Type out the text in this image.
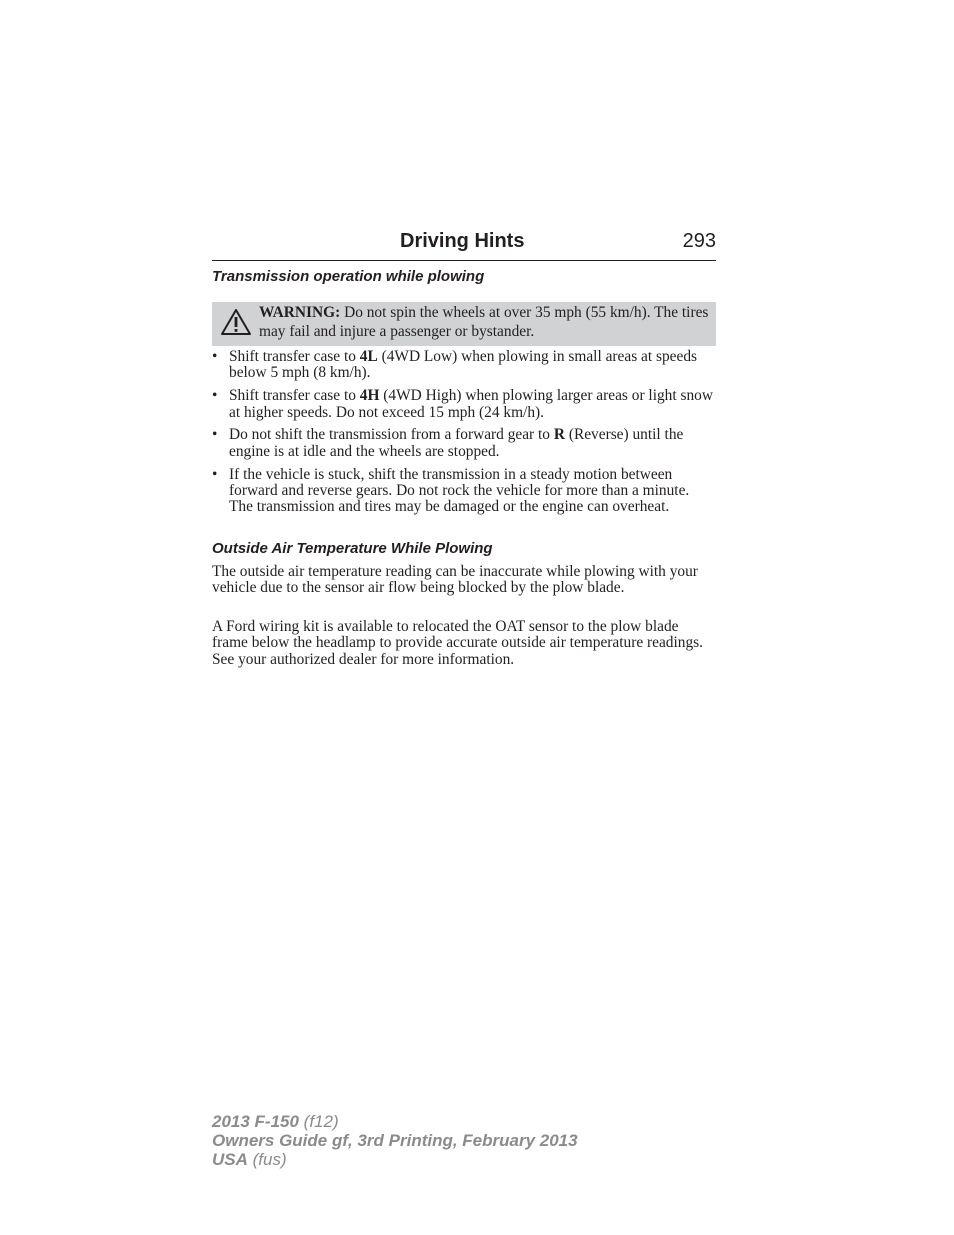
Driving Hints	293
Transmission operation while plowing
WARNING: Do not spin the wheels at over 35 mph (55 km/h). The tires may fail and injure a passenger or bystander.
• Shift transfer case to 4L (4WD Low) when plowing in small areas at speeds below 5 mph (8 km/h).
• Shift transfer case to 4H (4WD High) when plowing larger areas or light snow at higher speeds. Do not exceed 15 mph (24 km/h).
• Do not shift the transmission from a forward gear to R (Reverse) until the engine is at idle and the wheels are stopped.
• If the vehicle is stuck, shift the transmission in a steady motion between forward and reverse gears. Do not rock the vehicle for more than a minute. The transmission and tires may be damaged or the engine can overheat.
Outside Air Temperature While Plowing

The outside air temperature reading can be inaccurate while plowing with your vehicle due to the sensor air flow being blocked by the plow blade.

A Ford wiring kit is available to relocated the OAT sensor to the plow blade frame below the headlamp to provide accurate outside air temperature readings. See your authorized dealer for more information.

2013 F-150 (f12)
Owners Guide gf, 3rd Printing, February 2013
USA (fus)
